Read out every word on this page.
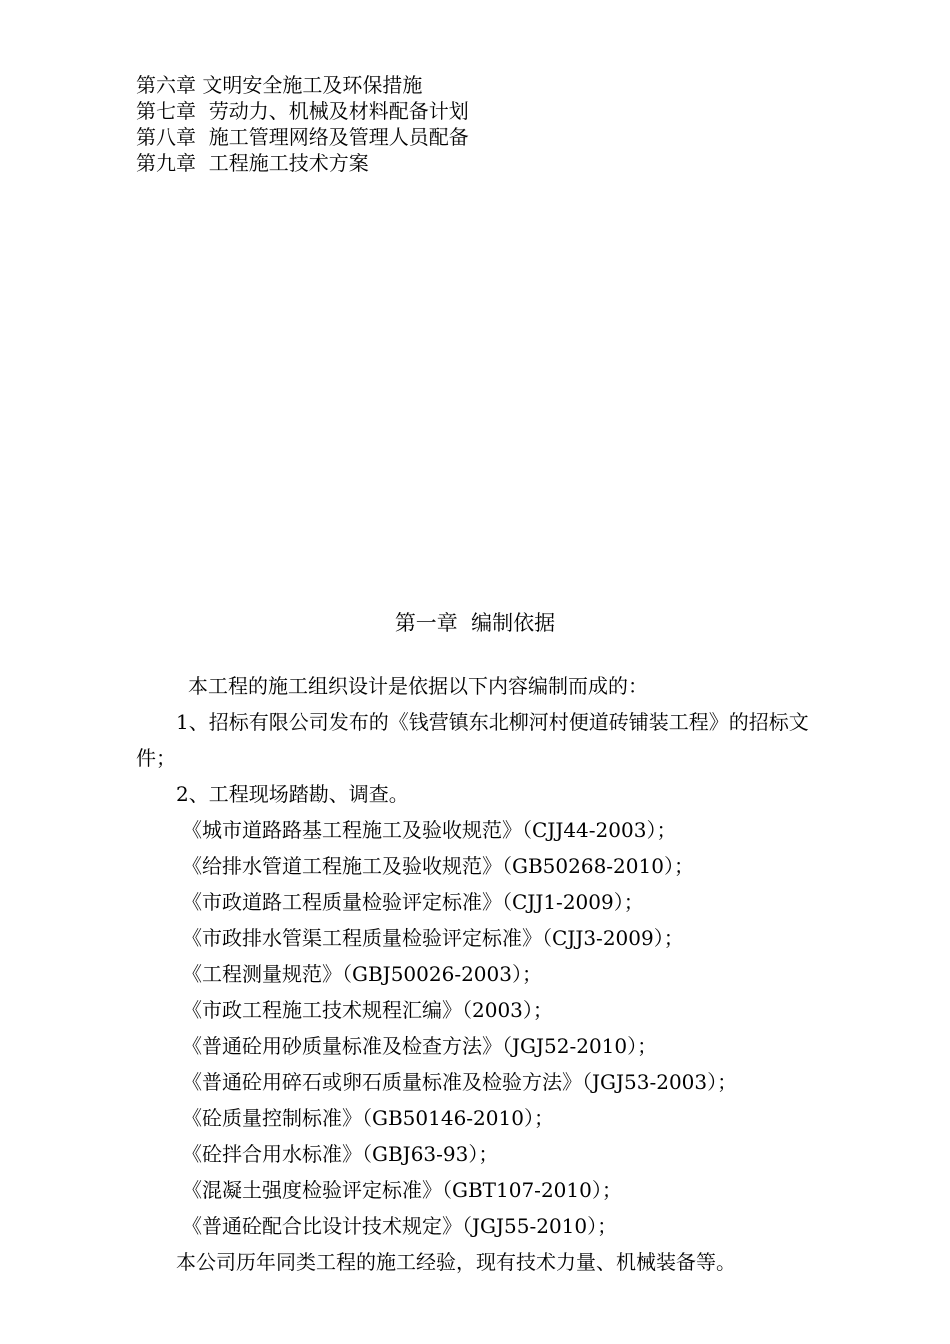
第六章 文明安全施工及环保措施
第七章  劳动力、机械及材料配备计划
第八章  施工管理网络及管理人员配备
第九章  工程施工技术方案
第一章  编制依据

本工程的施工组织设计是依据以下内容编制而成的：

1、招标有限公司发布的《钱营镇东北柳河村便道砖铺装工程》的招标文件；

2、工程现场踏勘、调查。

《城市道路路基工程施工及验收规范》（CJJ44-2003）；

《给排水管道工程施工及验收规范》（GB50268-2010）；

《市政道路工程质量检验评定标准》（CJJ1-2009）；

《市政排水管渠工程质量检验评定标准》（CJJ3-2009）；

《工程测量规范》（GBJ50026-2003）；

《市政工程施工技术规程汇编》（2003）；

《普通砼用砂质量标准及检查方法》（JGJ52-2010）；

《普通砼用碎石或卵石质量标准及检验方法》（JGJ53-2003）；

《砼质量控制标准》（GB50146-2010）；

《砼拌合用水标准》（GBJ63-93）；

《混凝土强度检验评定标准》（GBT107-2010）；

《普通砼配合比设计技术规定》（JGJ55-2010）；

本公司历年同类工程的施工经验，现有技术力量、机械装备等。
